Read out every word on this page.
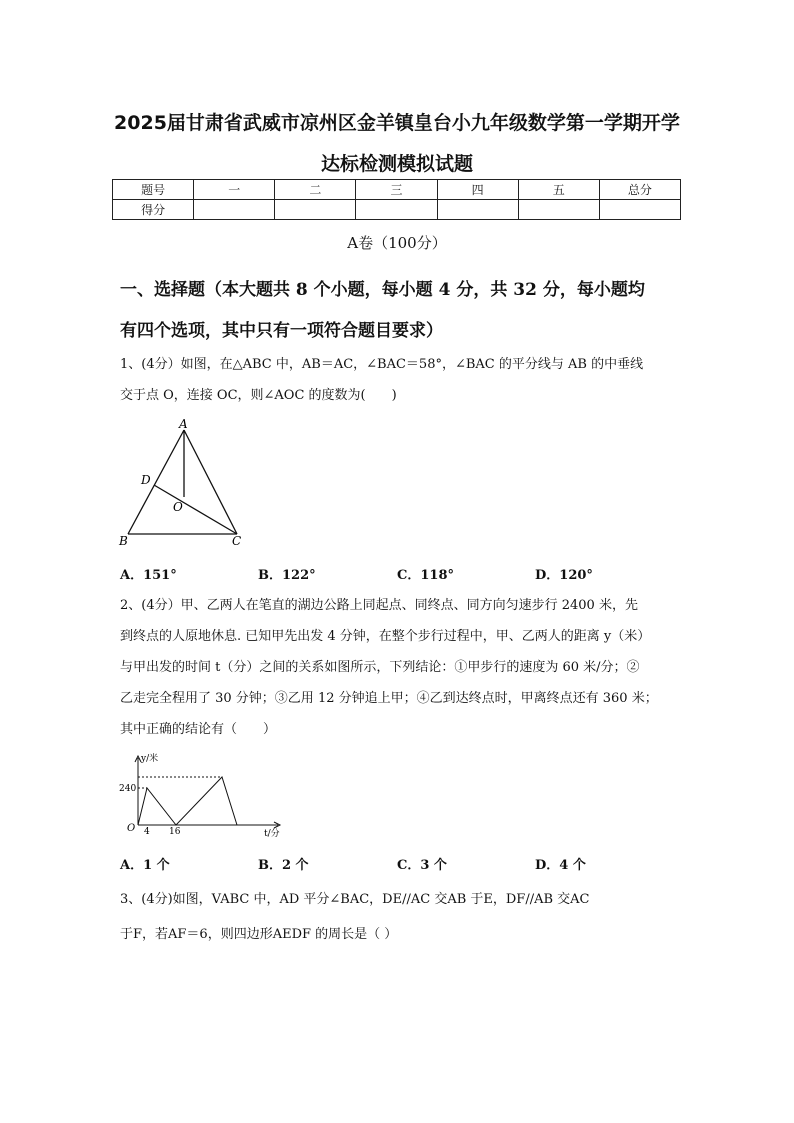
2025届甘肃省武威市凉州区金羊镇皇台小九年级数学第一学期开学
达标检测模拟试题
题号	一	二	三	四	五	总分
得分						
A卷（100分）
一、选择题（本大题共 8 个小题，每小题 4 分，共 32 分，每小题均
有四个选项，其中只有一项符合题目要求）
1、(4分）如图，在△ABC 中，AB＝AC，∠BAC＝58°，∠BAC 的平分线与 AB 的中垂线
交于点 O，连接 OC，则∠AOC 的度数为(　　)
A
D
O
B	C
A．151°	B．122°	C．118°	D．120°
2、(4分）甲、乙两人在笔直的湖边公路上同起点、同终点、同方向匀速步行 2400 米，先
到终点的人原地休息. 已知甲先出发 4 分钟，在整个步行过程中，甲、乙两人的距离 y（米）
与甲出发的时间 t（分）之间的关系如图所示，下列结论：①甲步行的速度为 60 米/分；②
乙走完全程用了 30 分钟；③乙用 12 分钟追上甲；④乙到达终点时，甲离终点还有 360 米；
其中正确的结论有（　　）
y/米
240
O 4 16	t/分
A．1 个	B．2 个	C．3 个	D．4 个
3、(4分)如图，VABC 中，AD 平分∠BAC，DE//AC 交AB 于E，DF//AB 交AC
于F，若AF＝6，则四边形AEDF 的周长是（ ）
